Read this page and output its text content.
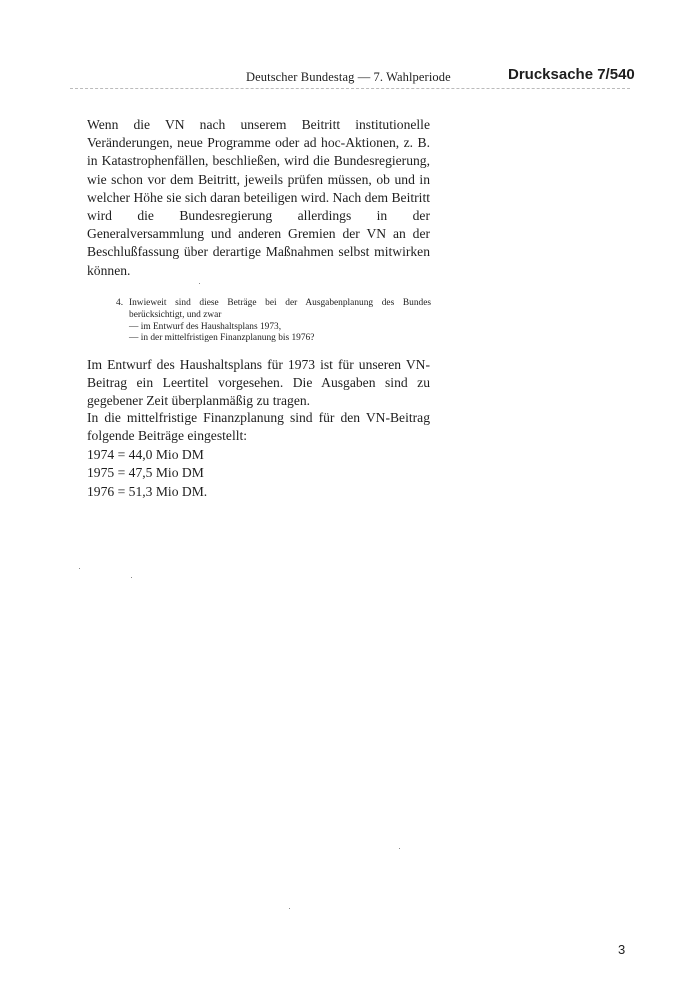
Deutscher Bundestag — 7. Wahlperiode	Drucksache 7/540
Wenn die VN nach unserem Beitritt institutionelle Veränderungen, neue Programme oder ad hoc-Aktionen, z. B. in Katastrophenfällen, beschließen, wird die Bundesregierung, wie schon vor dem Beitritt, jeweils prüfen müssen, ob und in welcher Höhe sie sich daran beteiligen wird. Nach dem Beitritt wird die Bundesregierung allerdings in der Generalversammlung und anderen Gremien der VN an der Beschlußfassung über derartige Maßnahmen selbst mitwirken können.
4. Inwieweit sind diese Beträge bei der Ausgabenplanung des Bundes berücksichtigt, und zwar
— im Entwurf des Haushaltsplans 1973,
— in der mittelfristigen Finanzplanung bis 1976?
Im Entwurf des Haushaltsplans für 1973 ist für unseren VN-Beitrag ein Leertitel vorgesehen. Die Ausgaben sind zu gegebener Zeit überplanmäßig zu tragen.
In die mittelfristige Finanzplanung sind für den VN-Beitrag folgende Beiträge eingestellt:
1974 = 44,0 Mio DM
1975 = 47,5 Mio DM
1976 = 51,3 Mio DM.
3
